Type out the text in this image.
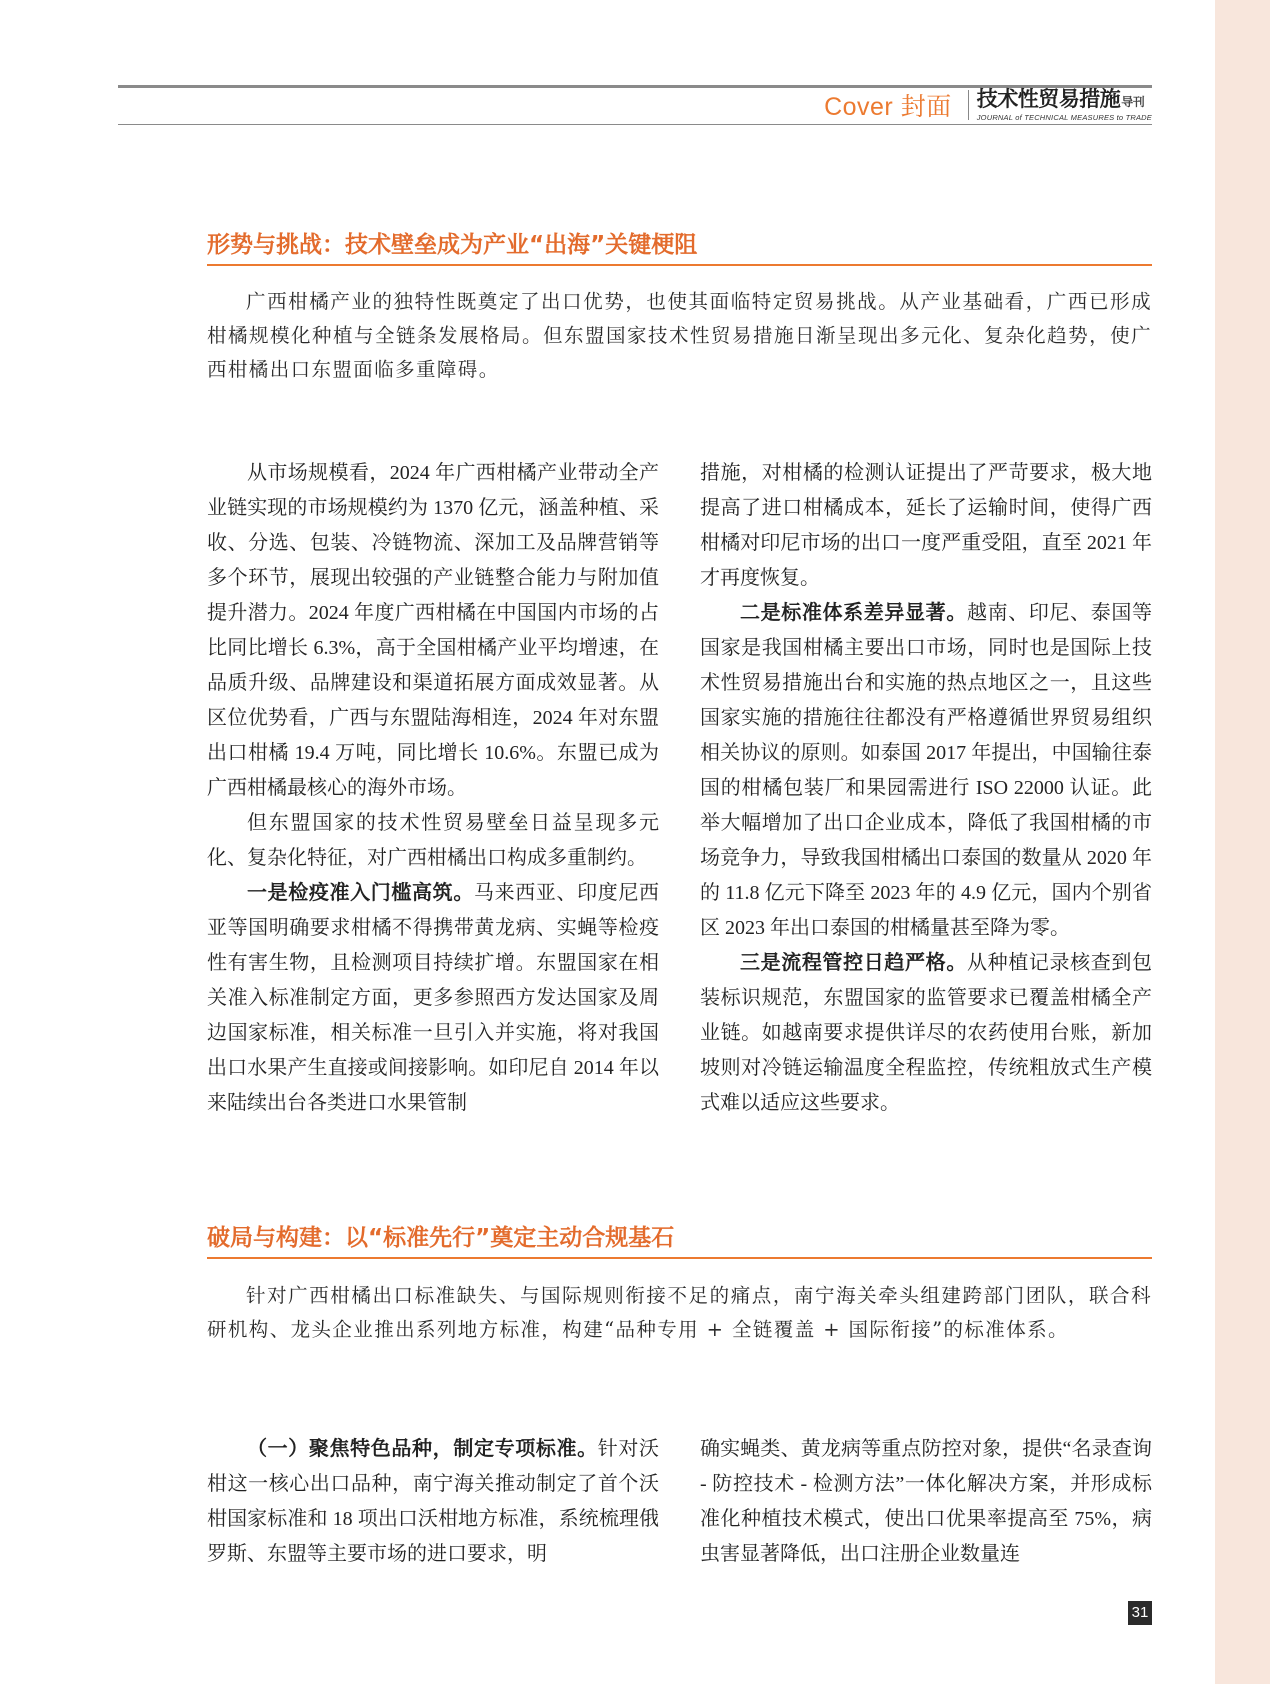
Cover 封面 技术性贸易措施导刊
JOURNAL of TECHNICAL MEASURES to TRADE
形势与挑战：技术壁垒成为产业“出海”关键梗阻

广西柑橘产业的独特性既奠定了出口优势，也使其面临特定贸易挑战。从产业基础看，广西已形成柑橘规模化种植与全链条发展格局。但东盟国家技术性贸易措施日渐呈现出多元化、复杂化趋势，使广西柑橘出口东盟面临多重障碍。

从市场规模看，2024 年广西柑橘产业带动全产业链实现的市场规模约为 1370 亿元，涵盖种植、采收、分选、包装、冷链物流、深加工及品牌营销等多个环节，展现出较强的产业链整合能力与附加值提升潜力。2024 年度广西柑橘在中国国内市场的占比同比增长 6.3%，高于全国柑橘产业平均增速，在品质升级、品牌建设和渠道拓展方面成效显著。从区位优势看，广西与东盟陆海相连，2024 年对东盟出口柑橘 19.4 万吨，同比增长 10.6%。东盟已成为广西柑橘最核心的海外市场。

但东盟国家的技术性贸易壁垒日益呈现多元化、复杂化特征，对广西柑橘出口构成多重制约。

一是检疫准入门槛高筑。马来西亚、印度尼西亚等国明确要求柑橘不得携带黄龙病、实蝇等检疫性有害生物，且检测项目持续扩增。东盟国家在相关准入标准制定方面，更多参照西方发达国家及周边国家标准，相关标准一旦引入并实施，将对我国出口水果产生直接或间接影响。如印尼自 2014 年以来陆续出台各类进口水果管制

措施，对柑橘的检测认证提出了严苛要求，极大地提高了进口柑橘成本，延长了运输时间，使得广西柑橘对印尼市场的出口一度严重受阻，直至 2021 年才再度恢复。

二是标准体系差异显著。越南、印尼、泰国等国家是我国柑橘主要出口市场，同时也是国际上技术性贸易措施出台和实施的热点地区之一，且这些国家实施的措施往往都没有严格遵循世界贸易组织相关协议的原则。如泰国 2017 年提出，中国输往泰国的柑橘包装厂和果园需进行 ISO 22000 认证。此举大幅增加了出口企业成本，降低了我国柑橘的市场竞争力，导致我国柑橘出口泰国的数量从 2020 年的 11.8 亿元下降至 2023 年的 4.9 亿元，国内个别省区 2023 年出口泰国的柑橘量甚至降为零。

三是流程管控日趋严格。从种植记录核查到包装标识规范，东盟国家的监管要求已覆盖柑橘全产业链。如越南要求提供详尽的农药使用台账，新加坡则对冷链运输温度全程监控，传统粗放式生产模式难以适应这些要求。

破局与构建：以“标准先行”奠定主动合规基石

针对广西柑橘出口标准缺失、与国际规则衔接不足的痛点，南宁海关牵头组建跨部门团队，联合科研机构、龙头企业推出系列地方标准，构建“品种专用 + 全链覆盖 + 国际衔接”的标准体系。

（一）聚焦特色品种，制定专项标准。针对沃柑这一核心出口品种，南宁海关推动制定了首个沃柑国家标准和 18 项出口沃柑地方标准，系统梳理俄罗斯、东盟等主要市场的进口要求，明

确实蝇类、黄龙病等重点防控对象，提供“名录查询 - 防控技术 - 检测方法”一体化解决方案，并形成标准化种植技术模式，使出口优果率提高至 75%，病虫害显著降低，出口注册企业数量连

31
